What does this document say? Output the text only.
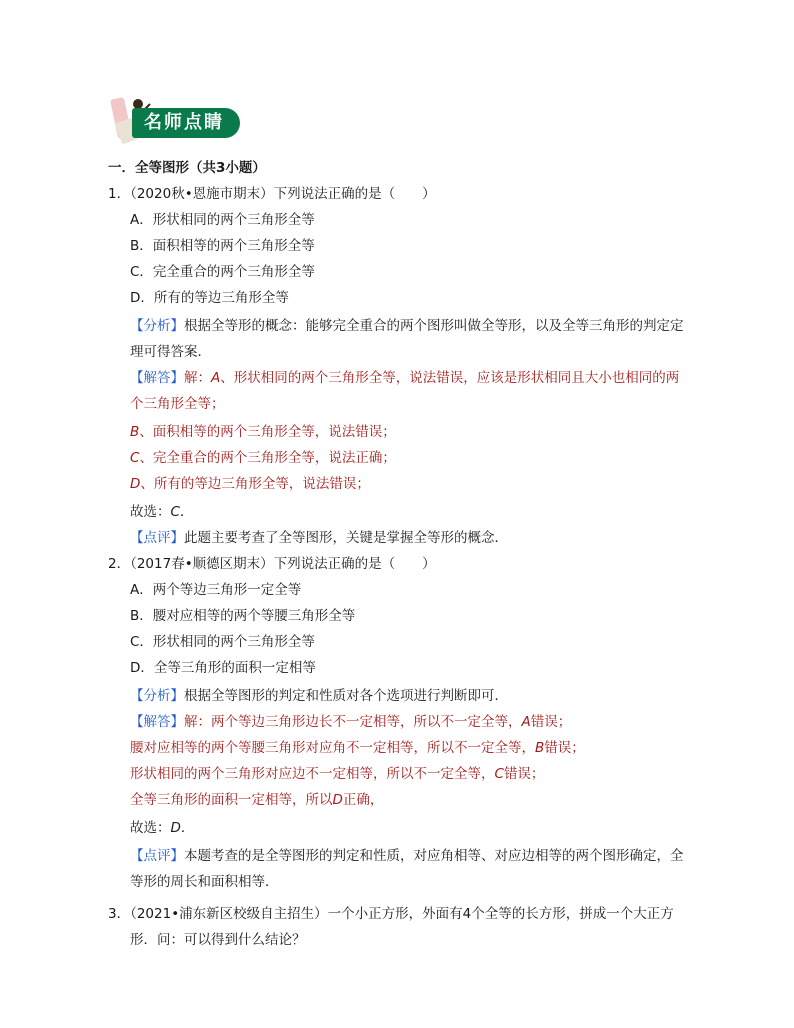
名师点睛
一．全等图形（共3小题）
1．（2020秋•恩施市期末）下列说法正确的是（　　）
A．形状相同的两个三角形全等
B．面积相等的两个三角形全等
C．完全重合的两个三角形全等
D．所有的等边三角形全等
【分析】根据全等形的概念：能够完全重合的两个图形叫做全等形，以及全等三角形的判定定
理可得答案．
【解答】解：A、形状相同的两个三角形全等，说法错误，应该是形状相同且大小也相同的两
个三角形全等；
B、面积相等的两个三角形全等，说法错误；
C、完全重合的两个三角形全等，说法正确；
D、所有的等边三角形全等，说法错误；
故选：C．
【点评】此题主要考查了全等图形，关键是掌握全等形的概念．
2．（2017春•顺德区期末）下列说法正确的是（　　）
A．两个等边三角形一定全等
B．腰对应相等的两个等腰三角形全等
C．形状相同的两个三角形全等
D．全等三角形的面积一定相等
【分析】根据全等图形的判定和性质对各个选项进行判断即可．
【解答】解：两个等边三角形边长不一定相等，所以不一定全等，A错误；
腰对应相等的两个等腰三角形对应角不一定相等，所以不一定全等，B错误；
形状相同的两个三角形对应边不一定相等，所以不一定全等，C错误；
全等三角形的面积一定相等，所以D正确，
故选：D．
【点评】本题考查的是全等图形的判定和性质，对应角相等、对应边相等的两个图形确定，全
等形的周长和面积相等．
3．（2021•浦东新区校级自主招生）一个小正方形，外面有4个全等的长方形，拼成一个大正方
形．问：可以得到什么结论？
